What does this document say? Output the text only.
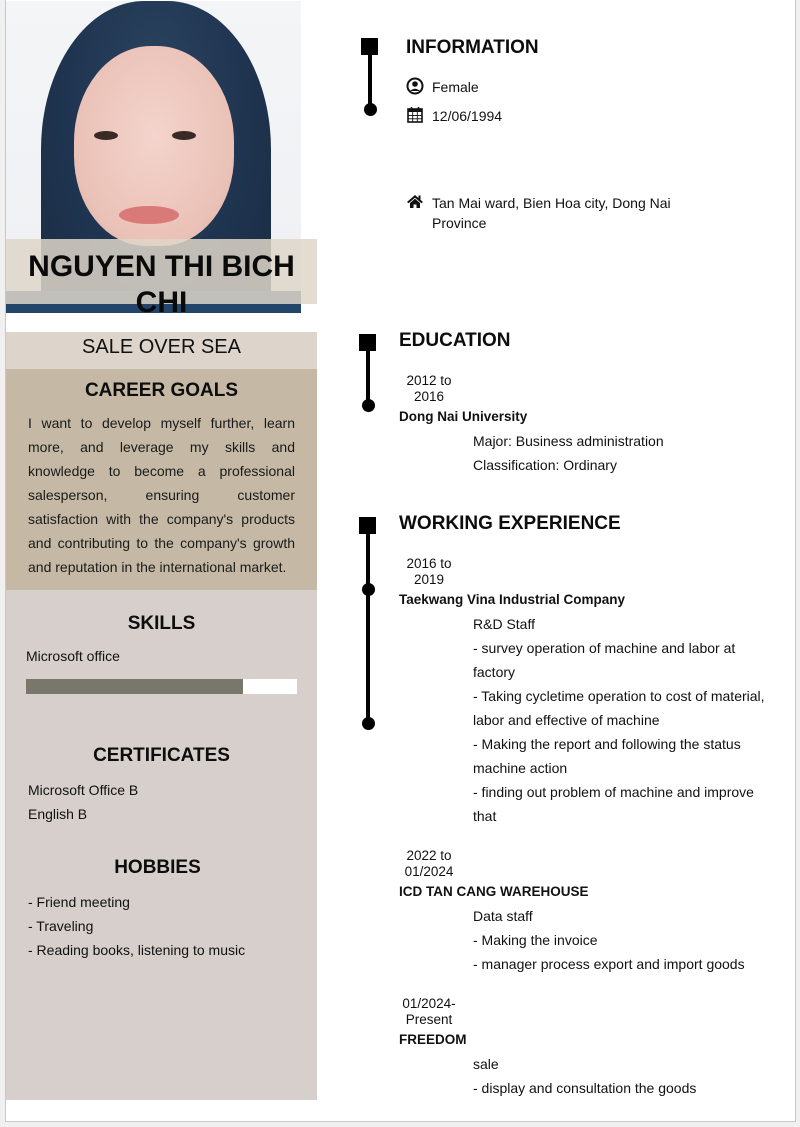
NGUYEN THI BICH CHI
SALE OVER SEA
CAREER GOALS

I want to develop myself further, learn more, and leverage my skills and knowledge to become a professional salesperson, ensuring customer satisfaction with the company's products and contributing to the company's growth and reputation in the international market.

SKILLS
Microsoft office
CERTIFICATES
Microsoft Office B
English B
HOBBIES
- Friend meeting
- Traveling
- Reading books, listening to music
INFORMATION
Female
12/06/1994
Tan Mai ward, Bien Hoa city, Dong Nai Province
EDUCATION
2012 to
2016
Dong Nai University
Major: Business administration
Classification: Ordinary
WORKING EXPERIENCE
2016 to
2019
Taekwang Vina Industrial Company
R&D Staff
- survey operation of machine and labor at factory
- Taking cycletime operation to cost of material, labor and effective of machine
- Making the report and following the status machine action
- finding out problem of machine and improve that
2022 to
01/2024
ICD TAN CANG WAREHOUSE
Data staff
- Making the invoice
- manager process export and import goods
01/2024-
Present
FREEDOM
sale
- display and consultation the goods
